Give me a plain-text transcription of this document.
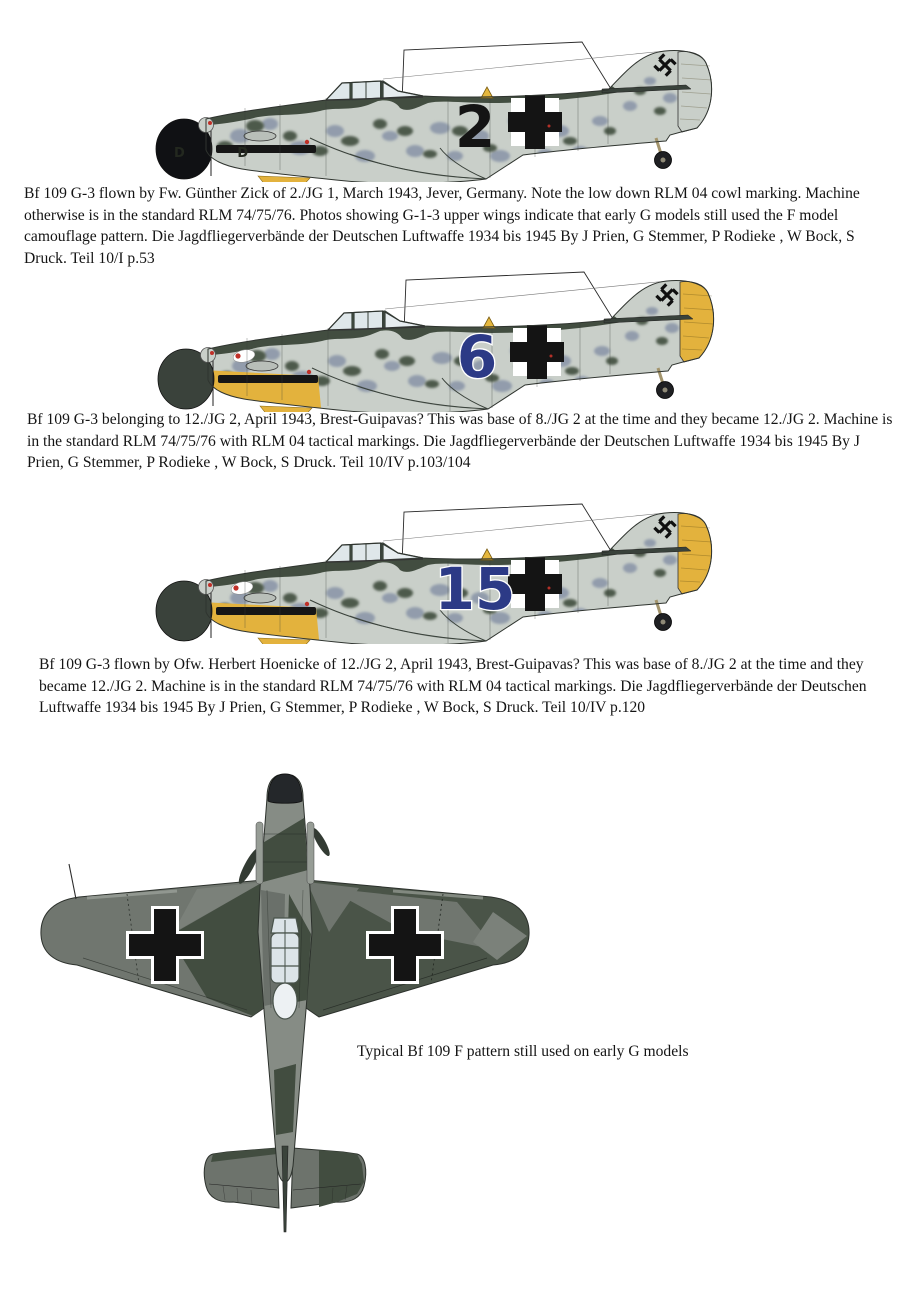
2
D D

Bf 109 G-3 flown by Fw. Günther Zick of 2./JG 1, March 1943, Jever, Germany. Note the low down RLM 04 cowl marking. Machine otherwise is in the standard RLM 74/75/76. Photos showing G-1-3 upper wings indicate that early G models still used the F model camouflage pattern. Die Jagdfliegerverbände der Deutschen Luftwaffe 1934 bis 1945 By J Prien, G Stemmer, P Rodieke , W Bock, S Druck. Teil 10/I p.53

6

Bf 109 G-3 belonging to 12./JG 2, April 1943, Brest-Guipavas? This was base of 8./JG 2 at the time and they became 12./JG 2. Machine is in the standard RLM 74/75/76 with RLM 04 tactical markings. Die Jagdfliegerverbände der Deutschen Luftwaffe 1934 bis 1945 By J Prien, G Stemmer, P Rodieke , W Bock, S Druck. Teil 10/IV p.103/104

15

Bf 109 G-3 flown by Ofw. Herbert Hoenicke of 12./JG 2, April 1943, Brest-Guipavas? This was base of 8./JG 2 at the time and they became 12./JG 2. Machine is in the standard RLM 74/75/76 with RLM 04 tactical markings. Die Jagdfliegerverbände der Deutschen Luftwaffe 1934 bis 1945 By J Prien, G Stemmer, P Rodieke , W Bock, S Druck. Teil 10/IV p.120

Typical Bf 109 F pattern still used on early G models
